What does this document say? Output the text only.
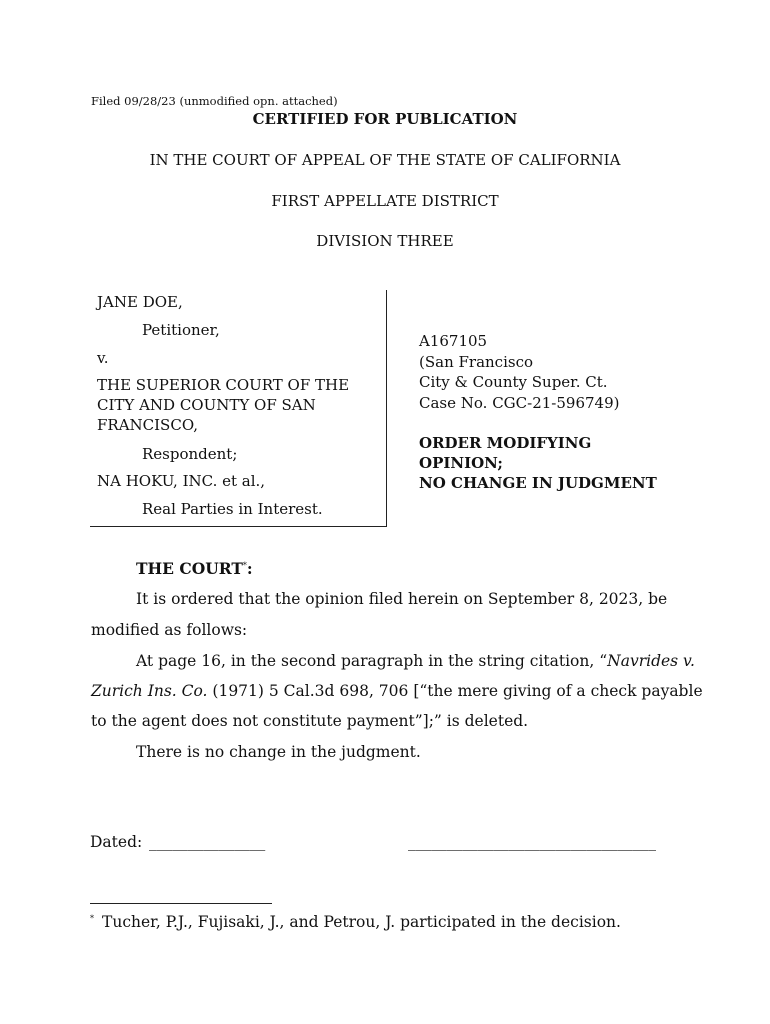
Filed 09/28/23 (unmodified opn. attached)
CERTIFIED FOR PUBLICATION
IN THE COURT OF APPEAL OF THE STATE OF CALIFORNIA
FIRST APPELLATE DISTRICT
DIVISION THREE
JANE DOE,
Petitioner,
v.
THE SUPERIOR COURT OF THE
CITY AND COUNTY OF SAN
FRANCISCO,
Respondent;
NA HOKU, INC. et al.,
Real Parties in Interest.
A167105
(San Francisco
City & County Super. Ct.
Case No. CGC-21-596749)
ORDER MODIFYING
OPINION;
NO CHANGE IN JUDGMENT
THE COURT*:
It is ordered that the opinion filed herein on September 8, 2023, be
modified as follows:
At page 16, in the second paragraph in the string citation, “Navrides v.
Zurich Ins. Co. (1971) 5 Cal.3d 698, 706 [“the mere giving of a check payable
to the agent does not constitute payment”];” is deleted.
There is no change in the judgment.
Dated: _______________	________________________________
* Tucher, P.J., Fujisaki, J., and Petrou, J. participated in the decision.
